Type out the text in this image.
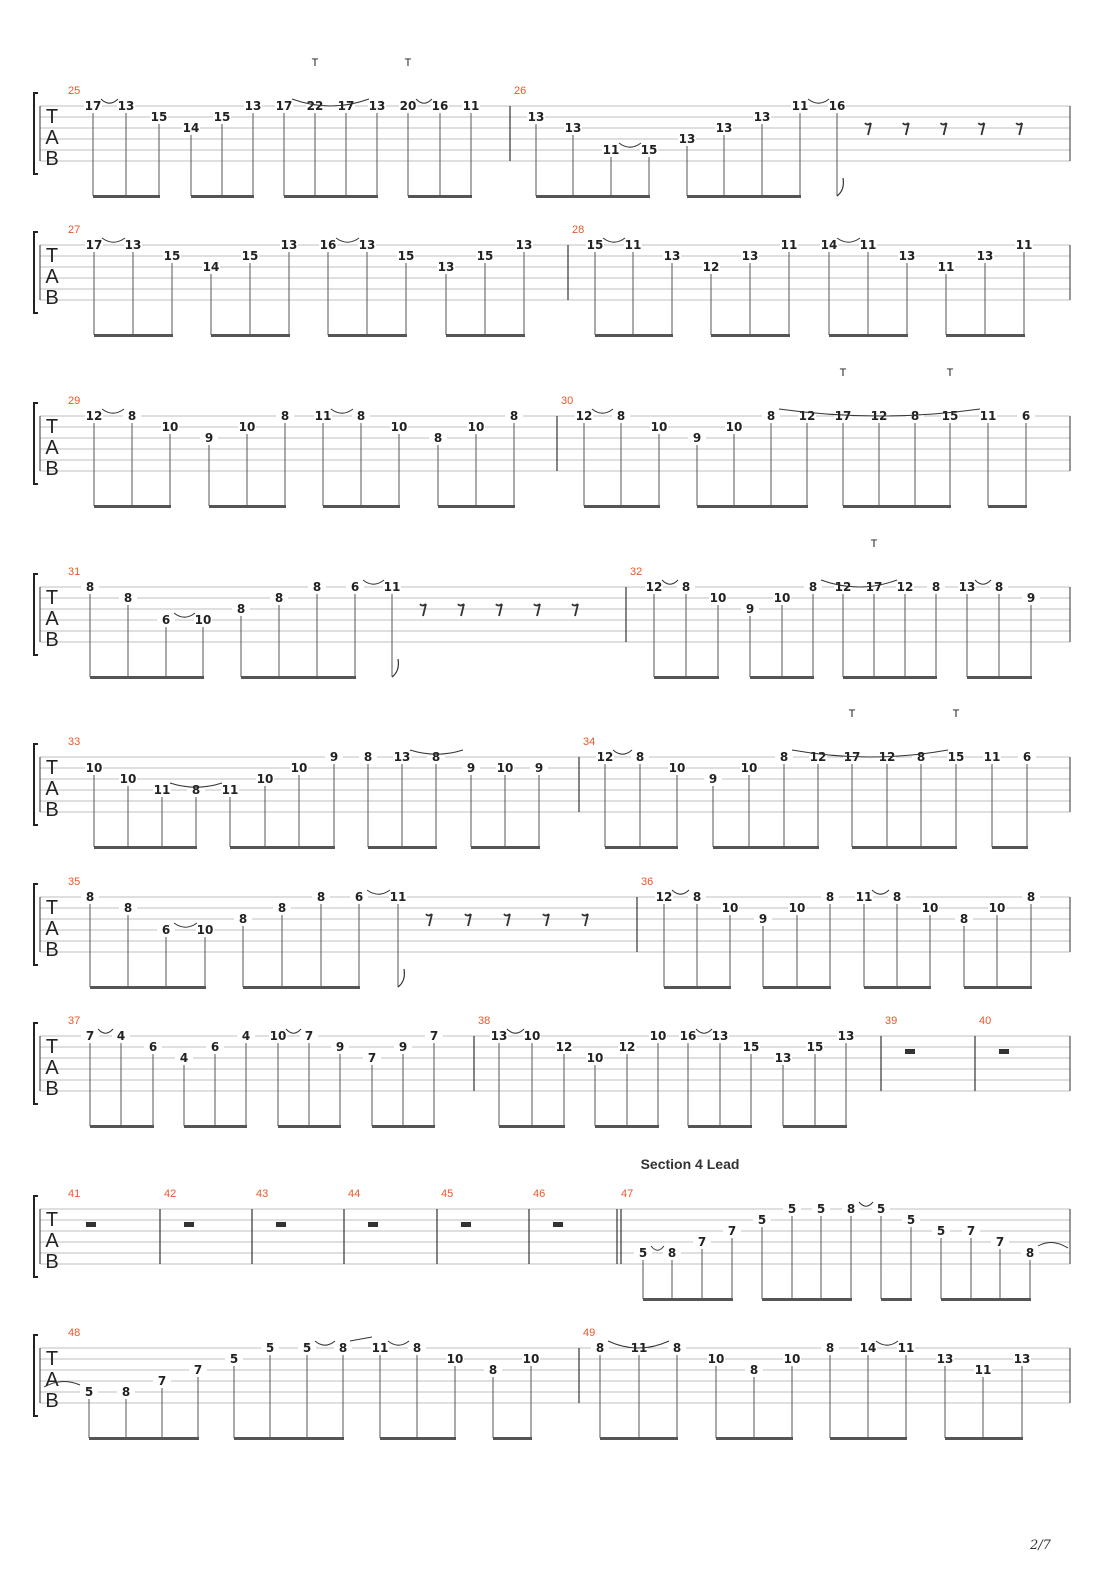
T
A
B
25
17 13
15
14
15
13 17 22 17 13 20 16 11
26
13
13
11 15
13
13
13
11 16
T
A
B
27
17 13
15
14
15
13 16 13
15
13
15
13
28
15 11
13
12
13
11 14 11
13
11
13
11
T
A
B
29
12 8
10
9
10
8 11 8
10
8
10
8
30
12 8
10
9
10
8 12 17 12 8 15 11 6
T
A
B
31
8
8
6 10
8
8
8 6 11
32
12 8
10
9
10
8 12 17 12 8 13 8
9
T
A
B
33
10
10
11 8 11
10
10
9 8 13 8
9 10 9
34
12 8
10
9
10
8 12 17 12 8 15 11 6
T
A
B
35
8
8
6 10
8
8
8 6 11
36
12 8
10
9
10
8 11 8
10
8
10
8
T
A
B
37
7 4
6
4
6
4 10 7
9
7
9
7
38
13 10
12
10
12
10 16 13
15
13
15
13
39	40
T
A
B
41	42	43	44	45	46	47
5 8
7
7
5
5 5 8 5
5
5 7
7
8
T
A
B
48
5 8
7
7
5
5 5 8 11 8
10
8
10
49
8 11 8
10
8
10
8 14 11
13
11
13
T	T
T	T
T
T	T
Section 4 Lead
2/7
